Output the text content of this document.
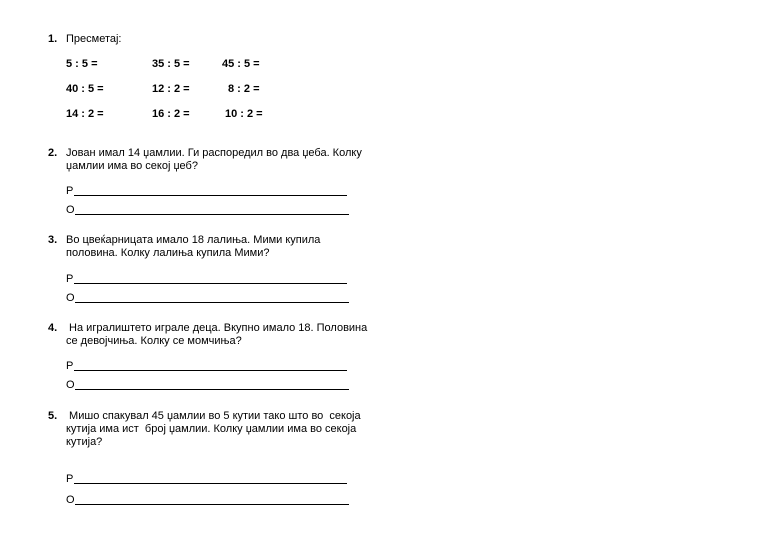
1. Пресметај:
5 : 5 =	35 : 5 =	45 : 5 =
40 : 5 =	12 : 2 =	8 : 2 =
14 : 2 =	16 : 2 =	10 : 2 =
2. Јован имал 14 џамлии. Ги распоредил во два џеба. Колку
џамлии има во секој џеб?
Р
О
3. Во цвеќарницата имало 18 лалиња. Мими купила
половина. Колку лалиња купила Мими?
Р
О
4. На игралиштето играле деца. Вкупно имало 18. Половина
се девојчиња. Колку се момчиња?
Р
О
5. Мишо спакувал 45 џамлии во 5 кутии тако што во  секоја
кутија има ист  број џамлии. Колку џамлии има во секоја
кутија?
Р
О
